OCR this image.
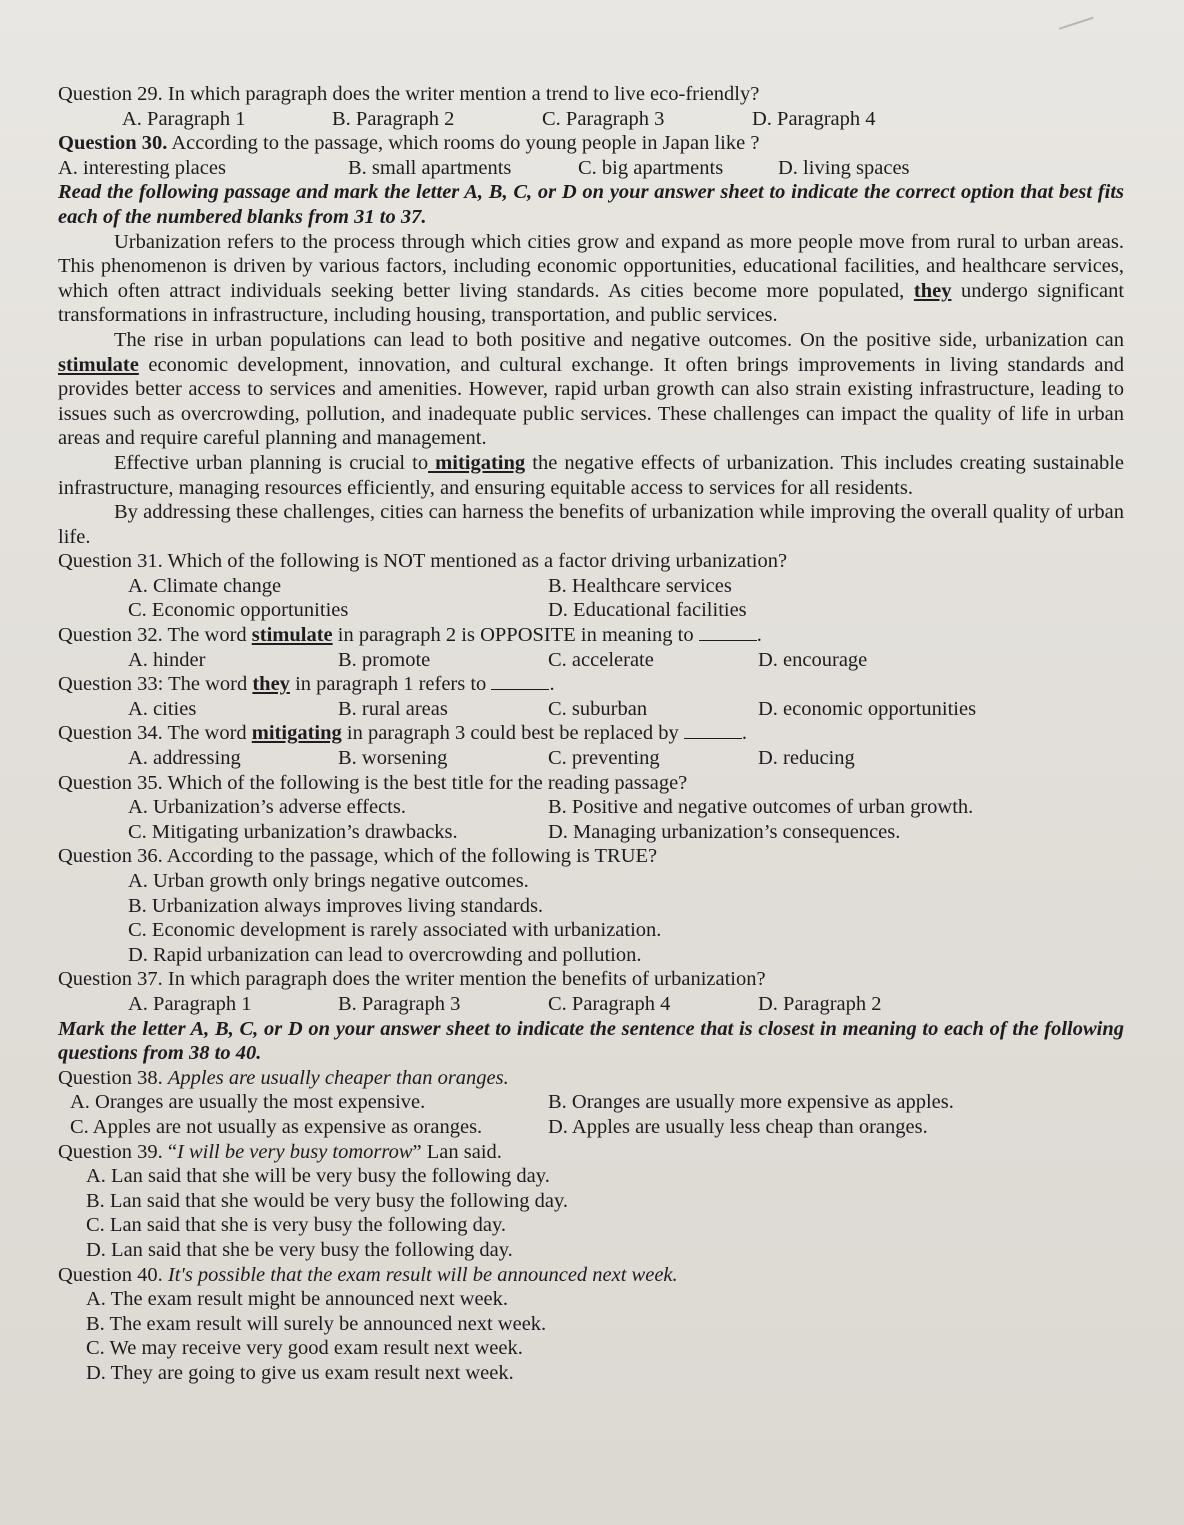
Question 29. In which paragraph does the writer mention a trend to live eco-friendly?
A. Paragraph 1	B. Paragraph 2	C. Paragraph 3	D. Paragraph 4
Question 30. According to the passage, which rooms do young people in Japan like ?
A. interesting places	B. small apartments	C. big apartments	D. living spaces
Read the following passage and mark the letter A, B, C, or D on your answer sheet to indicate the correct option that best fits each of the numbered blanks from 31 to 37.
Urbanization refers to the process through which cities grow and expand as more people move from rural to urban areas. This phenomenon is driven by various factors, including economic opportunities, educational facilities, and healthcare services, which often attract individuals seeking better living standards. As cities become more populated, they undergo significant transformations in infrastructure, including housing, transportation, and public services.
The rise in urban populations can lead to both positive and negative outcomes. On the positive side, urbanization can stimulate economic development, innovation, and cultural exchange. It often brings improvements in living standards and provides better access to services and amenities. However, rapid urban growth can also strain existing infrastructure, leading to issues such as overcrowding, pollution, and inadequate public services. These challenges can impact the quality of life in urban areas and require careful planning and management.
Effective urban planning is crucial to mitigating the negative effects of urbanization. This includes creating sustainable infrastructure, managing resources efficiently, and ensuring equitable access to services for all residents.
By addressing these challenges, cities can harness the benefits of urbanization while improving the overall quality of urban life.
Question 31. Which of the following is NOT mentioned as a factor driving urbanization?
A. Climate change	B. Healthcare services
C. Economic opportunities	D. Educational facilities
Question 32. The word stimulate in paragraph 2 is OPPOSITE in meaning to	.
A. hinder	B. promote	C. accelerate	D. encourage
Question 33: The word they in paragraph 1 refers to	.
A. cities	B. rural areas	C. suburban	D. economic opportunities
Question 34. The word mitigating in paragraph 3 could best be replaced by	.
A. addressing	B. worsening	C. preventing	D. reducing
Question 35. Which of the following is the best title for the reading passage?
A. Urbanization’s adverse effects.	B. Positive and negative outcomes of urban growth.
C. Mitigating urbanization’s drawbacks.	D. Managing urbanization’s consequences.
Question 36. According to the passage, which of the following is TRUE?
A. Urban growth only brings negative outcomes.
B. Urbanization always improves living standards.
C. Economic development is rarely associated with urbanization.
D. Rapid urbanization can lead to overcrowding and pollution.
Question 37. In which paragraph does the writer mention the benefits of urbanization?
A. Paragraph 1	B. Paragraph 3	C. Paragraph 4	D. Paragraph 2
Mark the letter A, B, C, or D on your answer sheet to indicate the sentence that is closest in meaning to each of the following questions from 38 to 40.
Question 38. Apples are usually cheaper than oranges.
A. Oranges are usually the most expensive.	B. Oranges are usually more expensive as apples.
C. Apples are not usually as expensive as oranges.	D. Apples are usually less cheap than oranges.
Question 39. “I will be very busy tomorrow” Lan said.
A. Lan said that she will be very busy the following day.
B. Lan said that she would be very busy the following day.
C. Lan said that she is very busy the following day.
D. Lan said that she be very busy the following day.
Question 40. It's possible that the exam result will be announced next week.
A. The exam result might be announced next week.
B. The exam result will surely be announced next week.
C. We may receive very good exam result next week.
D. They are going to give us exam result next week.
